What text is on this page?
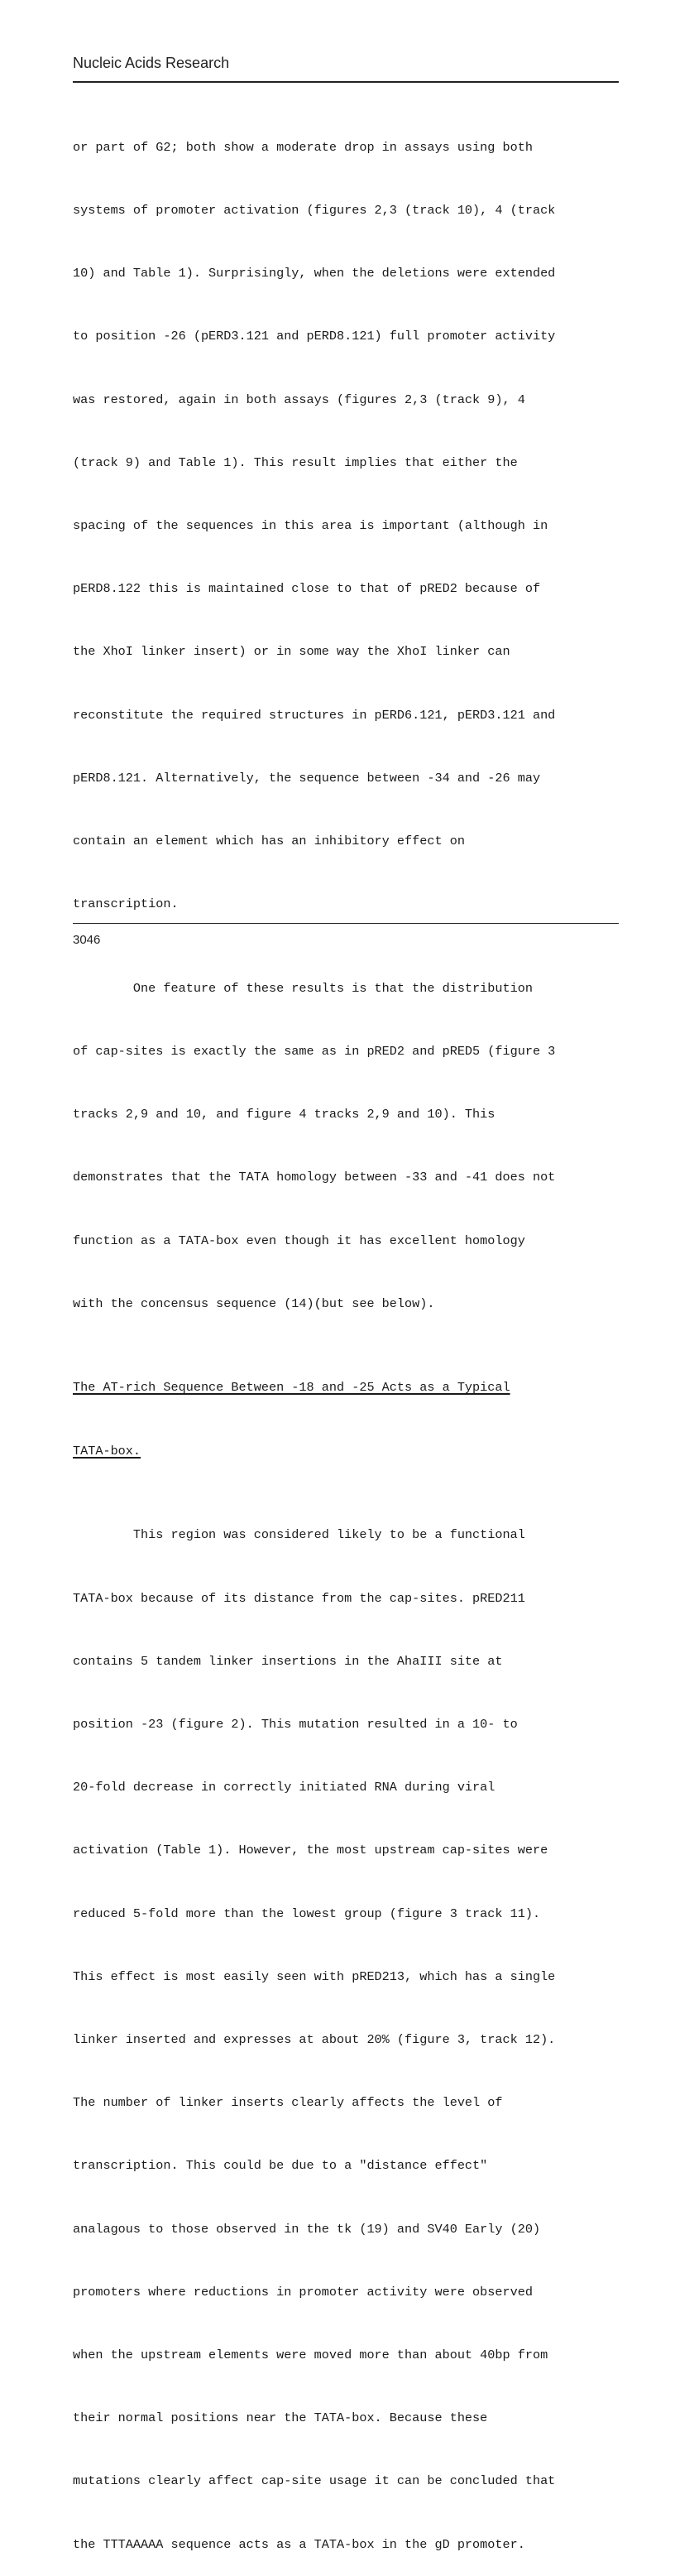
Nucleic Acids Research

or part of G2; both show a moderate drop in assays using both

systems of promoter activation (figures 2,3 (track 10), 4 (track

10) and Table 1). Surprisingly, when the deletions were extended

to position -26 (pERD3.121 and pERD8.121) full promoter activity

was restored, again in both assays (figures 2,3 (track 9), 4

(track 9) and Table 1). This result implies that either the

spacing of the sequences in this area is important (although in

pERD8.122 this is maintained close to that of pRED2 because of

the XhoI linker insert) or in some way the XhoI linker can

reconstitute the required structures in pERD6.121, pERD3.121 and

pERD8.121. Alternatively, the sequence between -34 and -26 may

contain an element which has an inhibitory effect on

transcription.

One feature of these results is that the distribution

of cap-sites is exactly the same as in pRED2 and pRED5 (figure 3

tracks 2,9 and 10, and figure 4 tracks 2,9 and 10). This

demonstrates that the TATA homology between -33 and -41 does not

function as a TATA-box even though it has excellent homology

with the concensus sequence (14)(but see below).

The AT-rich Sequence Between -18 and -25 Acts as a Typical

TATA-box.

This region was considered likely to be a functional

TATA-box because of its distance from the cap-sites. pRED211

contains 5 tandem linker insertions in the AhaIII site at

position -23 (figure 2). This mutation resulted in a 10- to

20-fold decrease in correctly initiated RNA during viral

activation (Table 1). However, the most upstream cap-sites were

reduced 5-fold more than the lowest group (figure 3 track 11).

This effect is most easily seen with pRED213, which has a single

linker inserted and expresses at about 20% (figure 3, track 12).

The number of linker inserts clearly affects the level of

transcription. This could be due to a "distance effect"

analagous to those observed in the tk (19) and SV40 Early (20)

promoters where reductions in promoter activity were observed

when the upstream elements were moved more than about 40bp from

their normal positions near the TATA-box. Because these

mutations clearly affect cap-site usage it can be concluded that

the TTTAAAAA sequence acts as a TATA-box in the gD promoter.

3046
